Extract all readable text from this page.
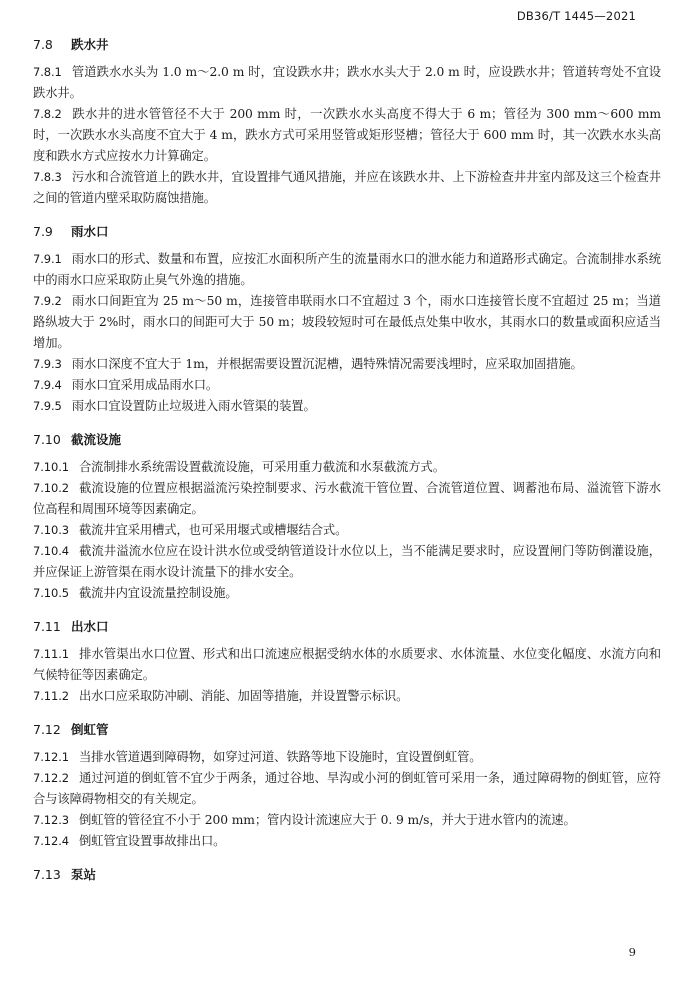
DB36/T 1445—2021
7.8 跌水井

7.8.1 管道跌水水头为 1.0 m～2.0 m 时，宜设跌水井；跌水水头大于 2.0 m 时，应设跌水井；管道转弯处不宜设跌水井。

7.8.2 跌水井的进水管管径不大于 200 mm 时，一次跌水水头高度不得大于 6 m；管径为 300 mm～600 mm 时，一次跌水水头高度不宜大于 4 m，跌水方式可采用竖管或矩形竖槽；管径大于 600 mm 时，其一次跌水水头高度和跌水方式应按水力计算确定。

7.8.3 污水和合流管道上的跌水井，宜设置排气通风措施，并应在该跌水井、上下游检查井井室内部及这三个检查井之间的管道内壁采取防腐蚀措施。

7.9 雨水口

7.9.1 雨水口的形式、数量和布置，应按汇水面积所产生的流量雨水口的泄水能力和道路形式确定。合流制排水系统中的雨水口应采取防止臭气外逸的措施。

7.9.2 雨水口间距宜为 25 m～50 m，连接管串联雨水口不宜超过 3 个，雨水口连接管长度不宜超过 25 m；当道路纵坡大于 2%时，雨水口的间距可大于 50 m；坡段较短时可在最低点处集中收水，其雨水口的数量或面积应适当增加。

7.9.3 雨水口深度不宜大于 1m，并根据需要设置沉泥槽，遇特殊情况需要浅埋时，应采取加固措施。

7.9.4 雨水口宜采用成品雨水口。

7.9.5 雨水口宜设置防止垃圾进入雨水管渠的装置。

7.10 截流设施

7.10.1 合流制排水系统需设置截流设施，可采用重力截流和水泵截流方式。

7.10.2 截流设施的位置应根据溢流污染控制要求、污水截流干管位置、合流管道位置、调蓄池布局、溢流管下游水位高程和周围环境等因素确定。

7.10.3 截流井宜采用槽式，也可采用堰式或槽堰结合式。

7.10.4 截流井溢流水位应在设计洪水位或受纳管道设计水位以上，当不能满足要求时，应设置闸门等防倒灌设施，并应保证上游管渠在雨水设计流量下的排水安全。

7.10.5 截流井内宜设流量控制设施。

7.11 出水口

7.11.1 排水管渠出水口位置、形式和出口流速应根据受纳水体的水质要求、水体流量、水位变化幅度、水流方向和气候特征等因素确定。

7.11.2 出水口应采取防冲刷、消能、加固等措施，并设置警示标识。

7.12 倒虹管

7.12.1 当排水管道遇到障碍物，如穿过河道、铁路等地下设施时，宜设置倒虹管。

7.12.2 通过河道的倒虹管不宜少于两条，通过谷地、旱沟或小河的倒虹管可采用一条，通过障碍物的倒虹管，应符合与该障碍物相交的有关规定。

7.12.3 倒虹管的管径宜不小于 200 mm；管内设计流速应大于 0. 9 m/s，并大于进水管内的流速。

7.12.4 倒虹管宜设置事故排出口。

7.13 泵站
9
